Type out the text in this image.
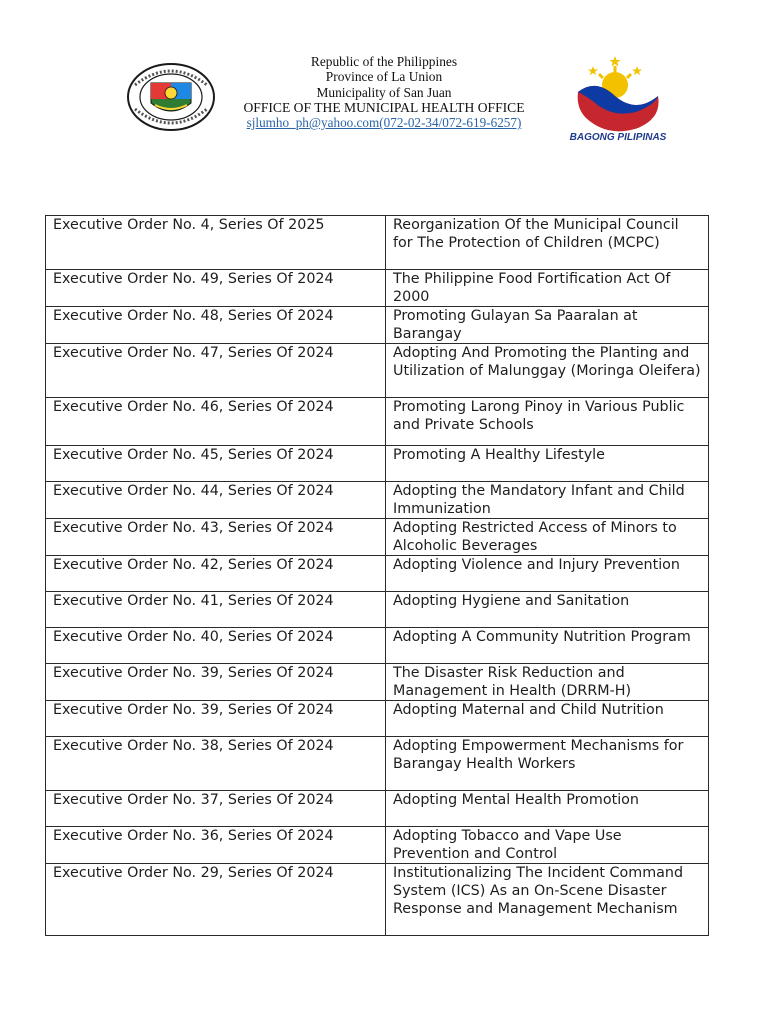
Republic of the Philippines
Province of La Union
Municipality of San Juan
OFFICE OF THE MUNICIPAL HEALTH OFFICE
sjlumho_ph@yahoo.com(072-02-34/072-619-6257)
BAGONG PILIPINAS
Executive Order No. 4, Series Of 2025	Reorganization Of the Municipal Council for The Protection of Children (MCPC)
Executive Order No. 49, Series Of 2024	The Philippine Food Fortification Act Of 2000
Executive Order No. 48, Series Of 2024	Promoting Gulayan Sa Paaralan at Barangay
Executive Order No. 47, Series Of 2024	Adopting And Promoting the Planting and Utilization of Malunggay (Moringa Oleifera)
Executive Order No. 46, Series Of 2024	Promoting Larong Pinoy in Various Public and Private Schools
Executive Order No. 45, Series Of 2024	Promoting A Healthy Lifestyle
Executive Order No. 44, Series Of 2024	Adopting the Mandatory Infant and Child Immunization
Executive Order No. 43, Series Of 2024	Adopting Restricted Access of Minors to Alcoholic Beverages
Executive Order No. 42, Series Of 2024	Adopting Violence and Injury Prevention
Executive Order No. 41, Series Of 2024	Adopting Hygiene and Sanitation
Executive Order No. 40, Series Of 2024	Adopting A Community Nutrition Program
Executive Order No. 39, Series Of 2024	The Disaster Risk Reduction and Management in Health (DRRM-H)
Executive Order No. 39, Series Of 2024	Adopting Maternal and Child Nutrition
Executive Order No. 38, Series Of 2024	Adopting Empowerment Mechanisms for Barangay Health Workers
Executive Order No. 37, Series Of 2024	Adopting Mental Health Promotion
Executive Order No. 36, Series Of 2024	Adopting Tobacco and Vape Use Prevention and Control
Executive Order No. 29, Series Of 2024	Institutionalizing The Incident Command System (ICS) As an On-Scene Disaster Response and Management Mechanism
